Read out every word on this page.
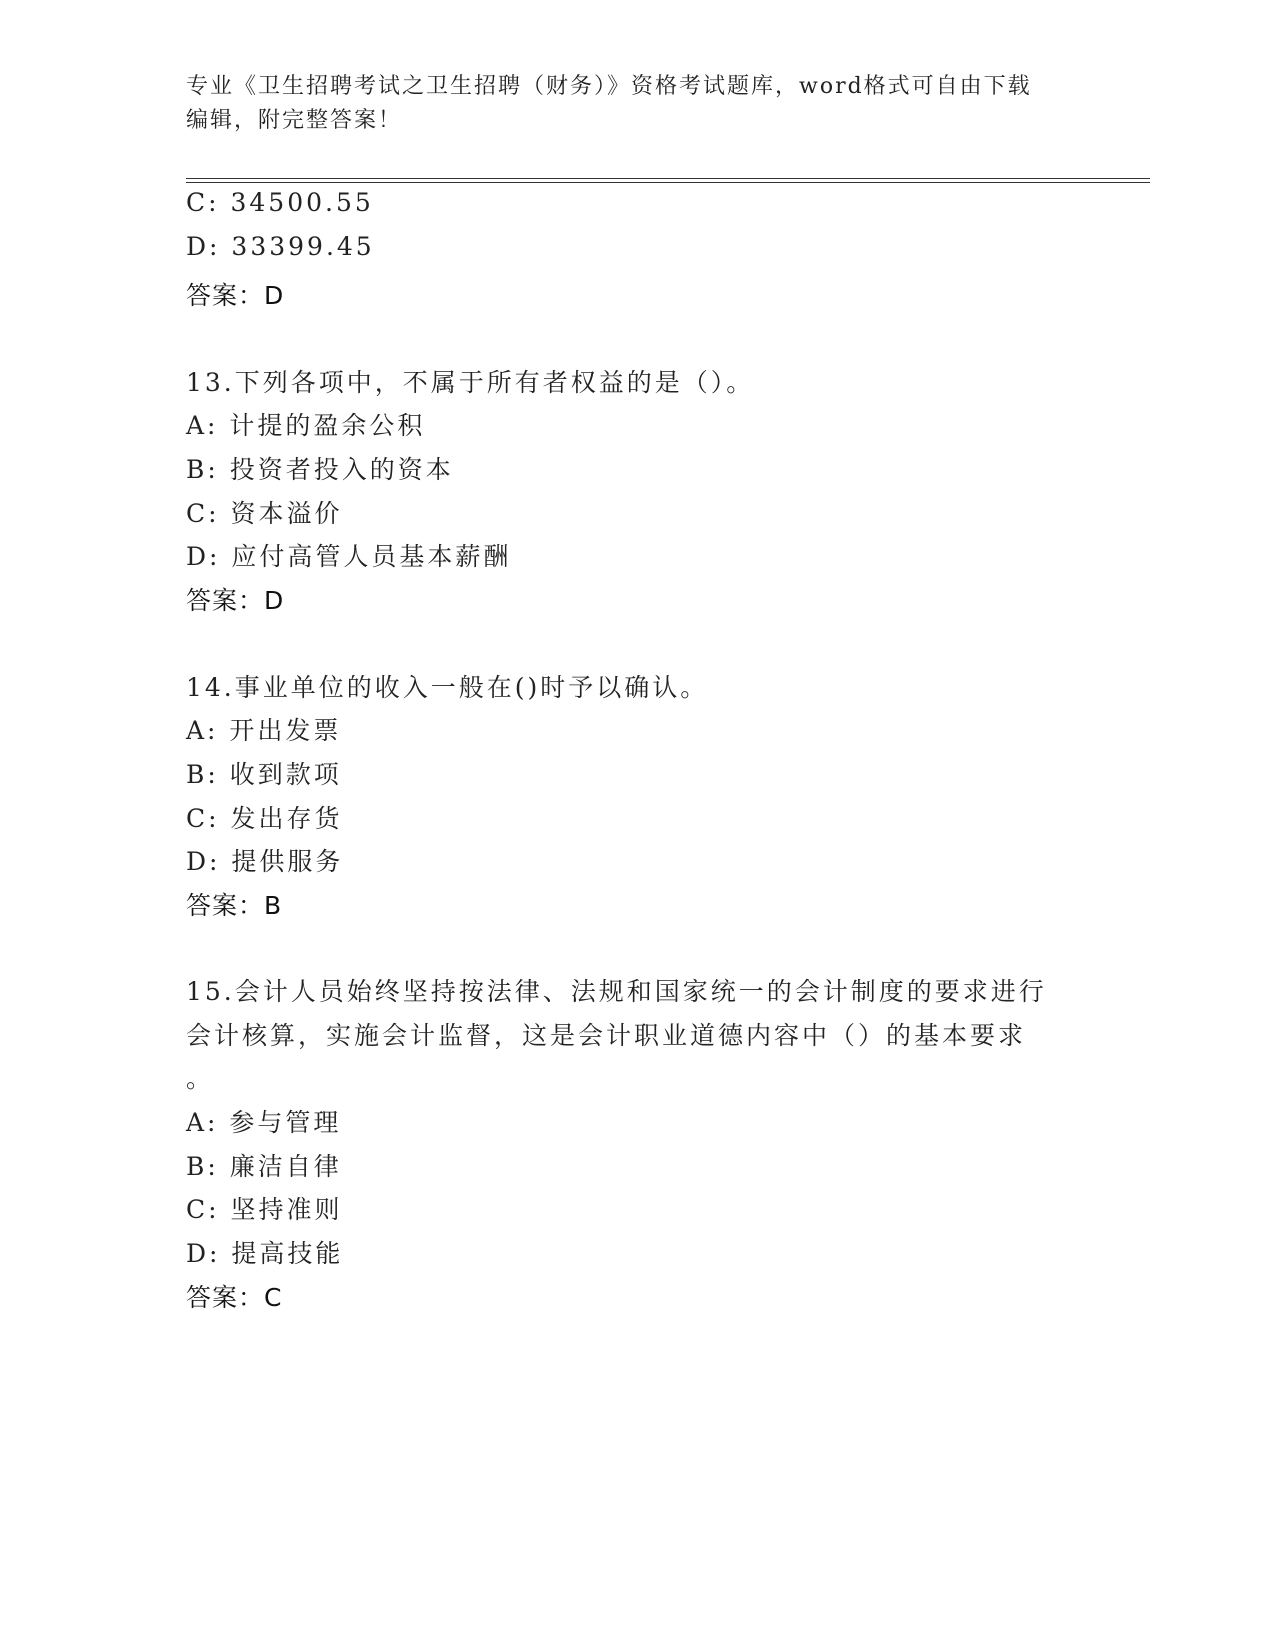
专业《卫生招聘考试之卫生招聘（财务）》资格考试题库，word格式可自由下载
编辑，附完整答案！
C: 34500.55
D: 33399.45
答案：D
13.下列各项中，不属于所有者权益的是（）。
A: 计提的盈余公积
B: 投资者投入的资本
C: 资本溢价
D: 应付高管人员基本薪酬
答案：D
14.事业单位的收入一般在()时予以确认。
A: 开出发票
B: 收到款项
C: 发出存货
D: 提供服务
答案：B
15.会计人员始终坚持按法律、法规和国家统一的会计制度的要求进行
会计核算，实施会计监督，这是会计职业道德内容中（）的基本要求
。
A: 参与管理
B: 廉洁自律
C: 坚持准则
D: 提高技能
答案：C
